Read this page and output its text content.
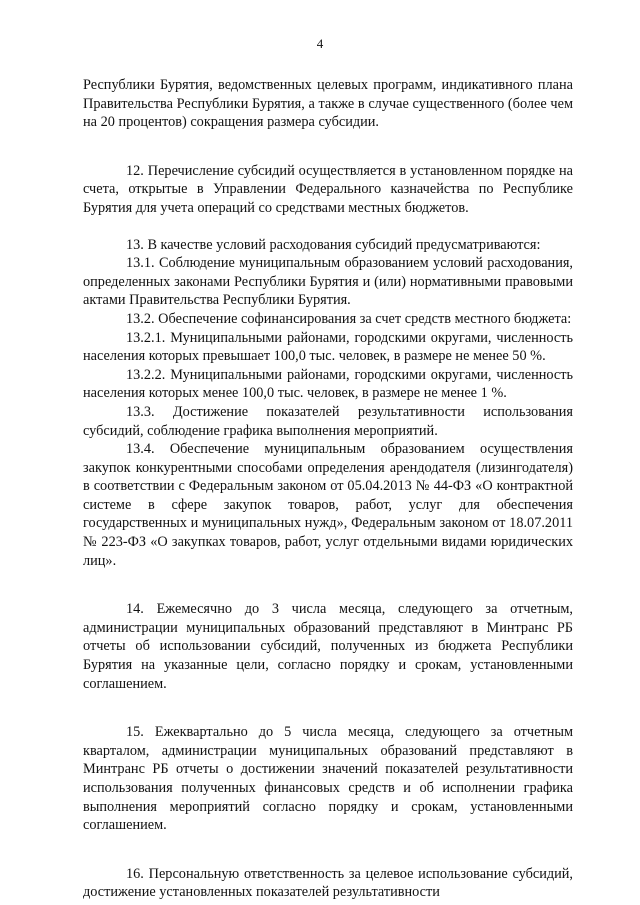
4

Республики Бурятия, ведомственных целевых программ, индикативного плана Правительства Республики Бурятия, а также в случае существенного (более чем на 20 процентов) сокращения размера субсидии.

12. Перечисление субсидий осуществляется в установленном порядке на счета, открытые в Управлении Федерального казначейства по Республике Бурятия для учета операций со средствами местных бюджетов.

13. В качестве условий расходования субсидий предусматриваются:

13.1. Соблюдение муниципальным образованием условий расходования, определенных законами Республики Бурятия и (или) нормативными правовыми актами Правительства Республики Бурятия.

13.2. Обеспечение софинансирования за счет средств местного бюджета:

13.2.1. Муниципальными районами, городскими округами, численность населения которых превышает 100,0 тыс. человек, в размере не менее 50 %.

13.2.2. Муниципальными районами, городскими округами, численность населения которых менее 100,0 тыс. человек, в размере не менее 1 %.

13.3. Достижение показателей результативности использования субсидий, соблюдение графика выполнения мероприятий.

13.4. Обеспечение муниципальным образованием осуществления закупок конкурентными способами определения арендодателя (лизингодателя) в соответствии с Федеральным законом от 05.04.2013 № 44-ФЗ «О контрактной системе в сфере закупок товаров, работ, услуг для обеспечения государственных и муниципальных нужд», Федеральным законом от 18.07.2011 № 223-ФЗ «О закупках товаров, работ, услуг отдельными видами юридических лиц».

14. Ежемесячно до 3 числа месяца, следующего за отчетным, администрации муниципальных образований представляют в Минтранс РБ отчеты об использовании субсидий, полученных из бюджета Республики Бурятия на указанные цели, согласно порядку и срокам, установленными соглашением.

15. Ежеквартально до 5 числа месяца, следующего за отчетным кварталом, администрации муниципальных образований представляют в Минтранс РБ отчеты о достижении значений показателей результативности использования полученных финансовых средств и об исполнении графика выполнения мероприятий согласно порядку и срокам, установленными соглашением.

16. Персональную ответственность за целевое использование субсидий, достижение установленных показателей результативности
